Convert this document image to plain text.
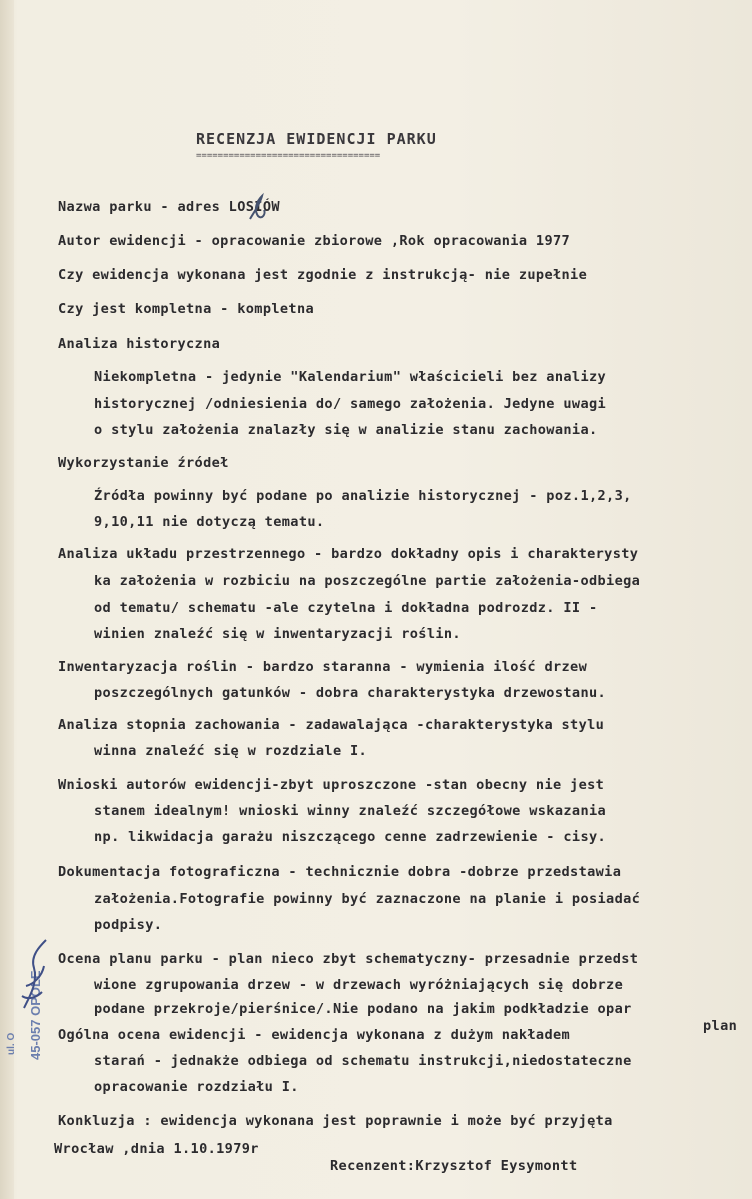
RECENZJA EWIDENCJI PARKU
==================================
Nazwa parku - adres LOSIÓW
Autor ewidencji - opracowanie zbiorowe ,Rok opracowania 1977
Czy ewidencja wykonana jest zgodnie z instrukcją- nie zupełnie
Czy jest kompletna - kompletna
Analiza historyczna
Niekompletna - jedynie "Kalendarium" właścicieli bez analizy
historycznej /odniesienia do/ samego założenia. Jedyne uwagi
o stylu założenia znalazły się w analizie stanu zachowania.
Wykorzystanie źródeł
Źródła powinny być podane po analizie historycznej - poz.1,2,3,
9,10,11 nie dotyczą tematu.
Analiza układu przestrzennego - bardzo dokładny opis i charakterysty
ka założenia w rozbiciu na poszczególne partie założenia-odbiega
od tematu/ schematu -ale czytelna i dokładna podrozdz. II -
winien znaleźć się w inwentaryzacji roślin.
Inwentaryzacja roślin - bardzo staranna - wymienia ilość drzew
poszczególnych gatunków - dobra charakterystyka drzewostanu.
Analiza stopnia zachowania - zadawalająca -charakterystyka stylu
winna znaleźć się w rozdziale I.
Wnioski autorów ewidencji-zbyt uproszczone -stan obecny nie jest
stanem idealnym! wnioski winny znaleźć szczegółowe wskazania
np. likwidacja garażu niszczącego cenne zadrzewienie - cisy.
Dokumentacja fotograficzna - technicznie dobra -dobrze przedstawia
założenia.Fotografie powinny być zaznaczone na planie i posiadać
podpisy.
Ocena planu parku - plan nieco zbyt schematyczny- przesadnie przedst
wione zgrupowania drzew - w drzewach wyróżniających się dobrze
podane przekroje/pierśnice/.Nie podano na jakim podkładzie opar
Ogólna ocena ewidencji - ewidencja wykonana z dużym nakładem
plan
starań - jednakże odbiega od schematu instrukcji,niedostateczne
opracowanie rozdziału I.
Konkluzja : ewidencja wykonana jest poprawnie i może być przyjęta
Wrocław ,dnia 1.10.1979r
Recenzent:Krzysztof Eysymontt
45-057 OPOLE
ul. O
